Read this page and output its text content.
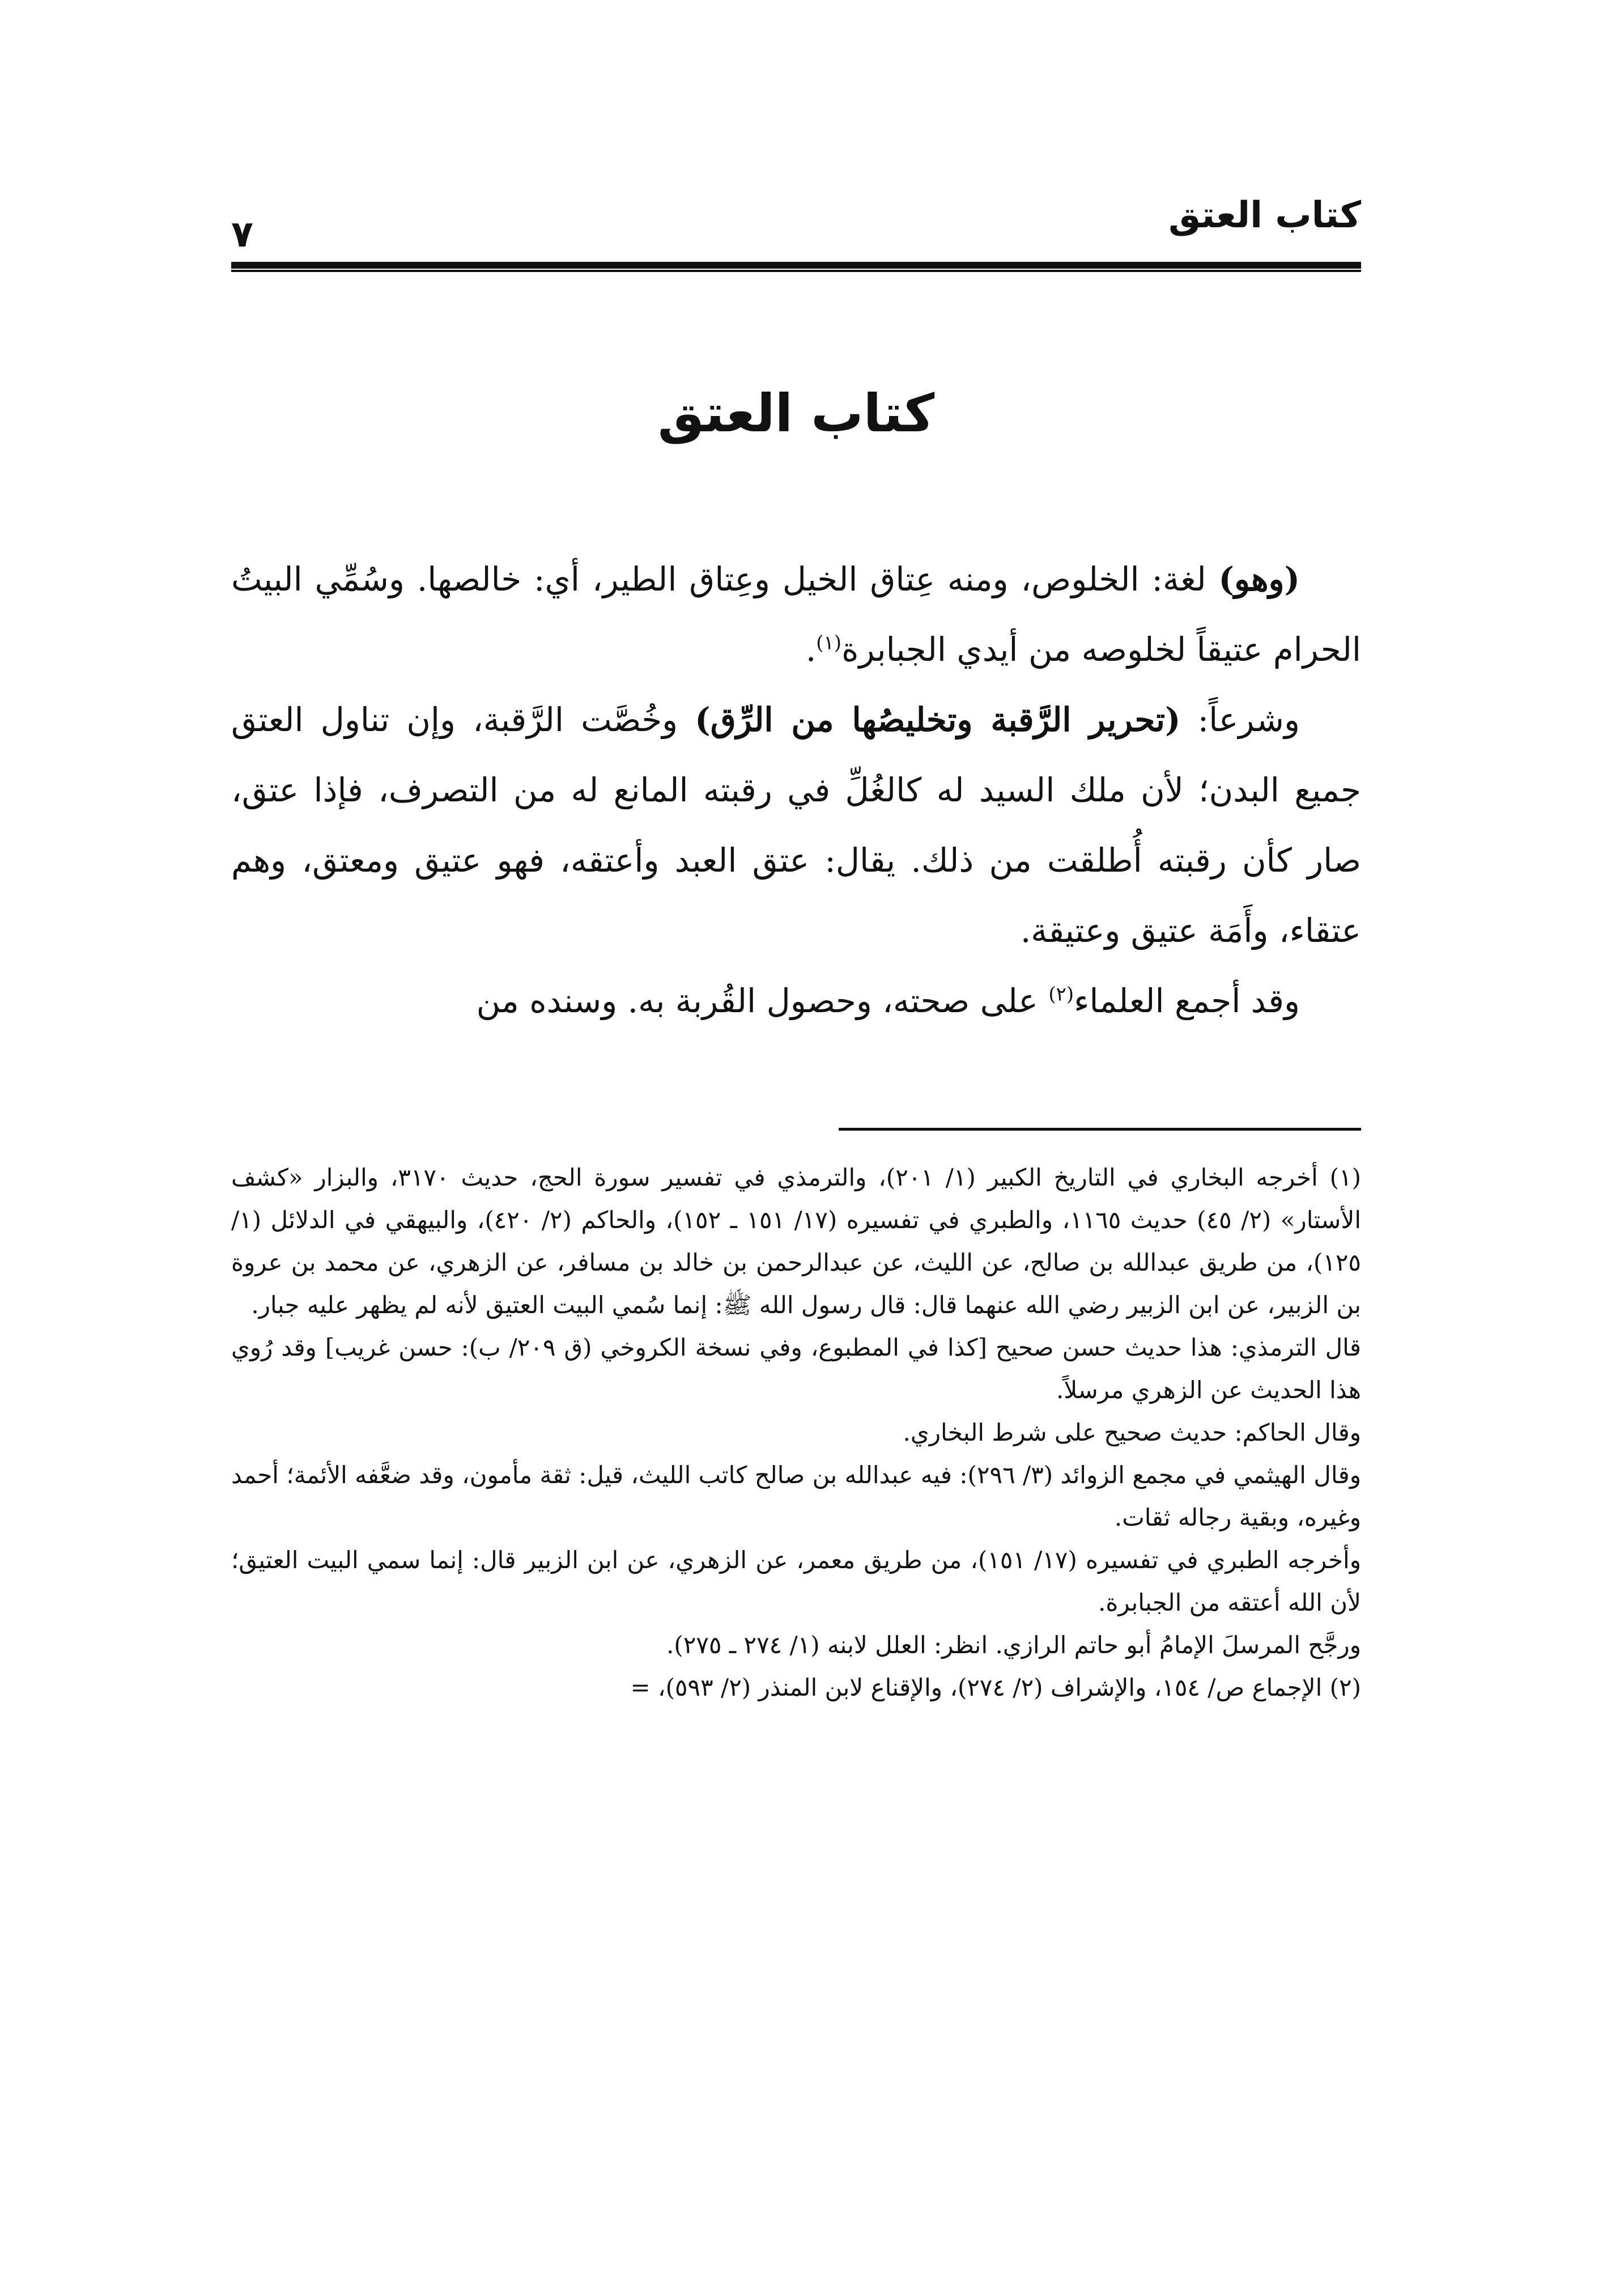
كتاب العتق
٧
كتاب العتق

(وهو) لغة: الخلوص، ومنه عِتاق الخيل وعِتاق الطير، أي: خالصها. وسُمِّي البيتُ الحرام عتيقاً لخلوصه من أيدي الجبابرة$^{(١)}$.

وشرعاً: (تحرير الرَّقبة وتخليصُها من الرِّق) وخُصَّت الرَّقبة، وإن تناول العتق جميع البدن؛ لأن ملك السيد له كالغُلِّ في رقبته المانع له من التصرف، فإذا عتق، صار كأن رقبته أُطلقت من ذلك. يقال: عتق العبد وأعتقه، فهو عتيق ومعتق، وهم عتقاء، وأَمَة عتيق وعتيقة.

وقد أجمع العلماء$^{(٢)}$ على صحته، وحصول القُربة به. وسنده من

(١) أخرجه البخاري في التاريخ الكبير (١/ ٢٠١)، والترمذي في تفسير سورة الحج، حديث ٣١٧٠، والبزار «كشف الأستار» (٢/ ٤٥) حديث ١١٦٥، والطبري في تفسيره (١٧/ ١٥١ ـ ١٥٢)، والحاكم (٢/ ٤٢٠)، والبيهقي في الدلائل (١/ ١٢٥)، من طريق عبدالله بن صالح، عن الليث، عن عبدالرحمن بن خالد بن مسافر، عن الزهري، عن محمد بن عروة بن الزبير، عن ابن الزبير رضي الله عنهما قال: قال رسول الله ﷺ: إنما سُمي البيت العتيق لأنه لم يظهر عليه جبار.

قال الترمذي: هذا حديث حسن صحيح [كذا في المطبوع، وفي نسخة الكروخي (ق ٢٠٩/ ب): حسن غريب] وقد رُوي هذا الحديث عن الزهري مرسلاً.

وقال الحاكم: حديث صحيح على شرط البخاري.

وقال الهيثمي في مجمع الزوائد (٣/ ٢٩٦): فيه عبدالله بن صالح كاتب الليث، قيل: ثقة مأمون، وقد ضعَّفه الأئمة؛ أحمد وغيره، وبقية رجاله ثقات.

وأخرجه الطبري في تفسيره (١٧/ ١٥١)، من طريق معمر، عن الزهري، عن ابن الزبير قال: إنما سمي البيت العتيق؛ لأن الله أعتقه من الجبابرة.

ورجَّح المرسلَ الإمامُ أبو حاتم الرازي. انظر: العلل لابنه (١/ ٢٧٤ ـ ٢٧٥).

(٢) الإجماع ص/ ١٥٤، والإشراف (٢/ ٢٧٤)، والإقناع لابن المنذر (٢/ ٥٩٣)، =
